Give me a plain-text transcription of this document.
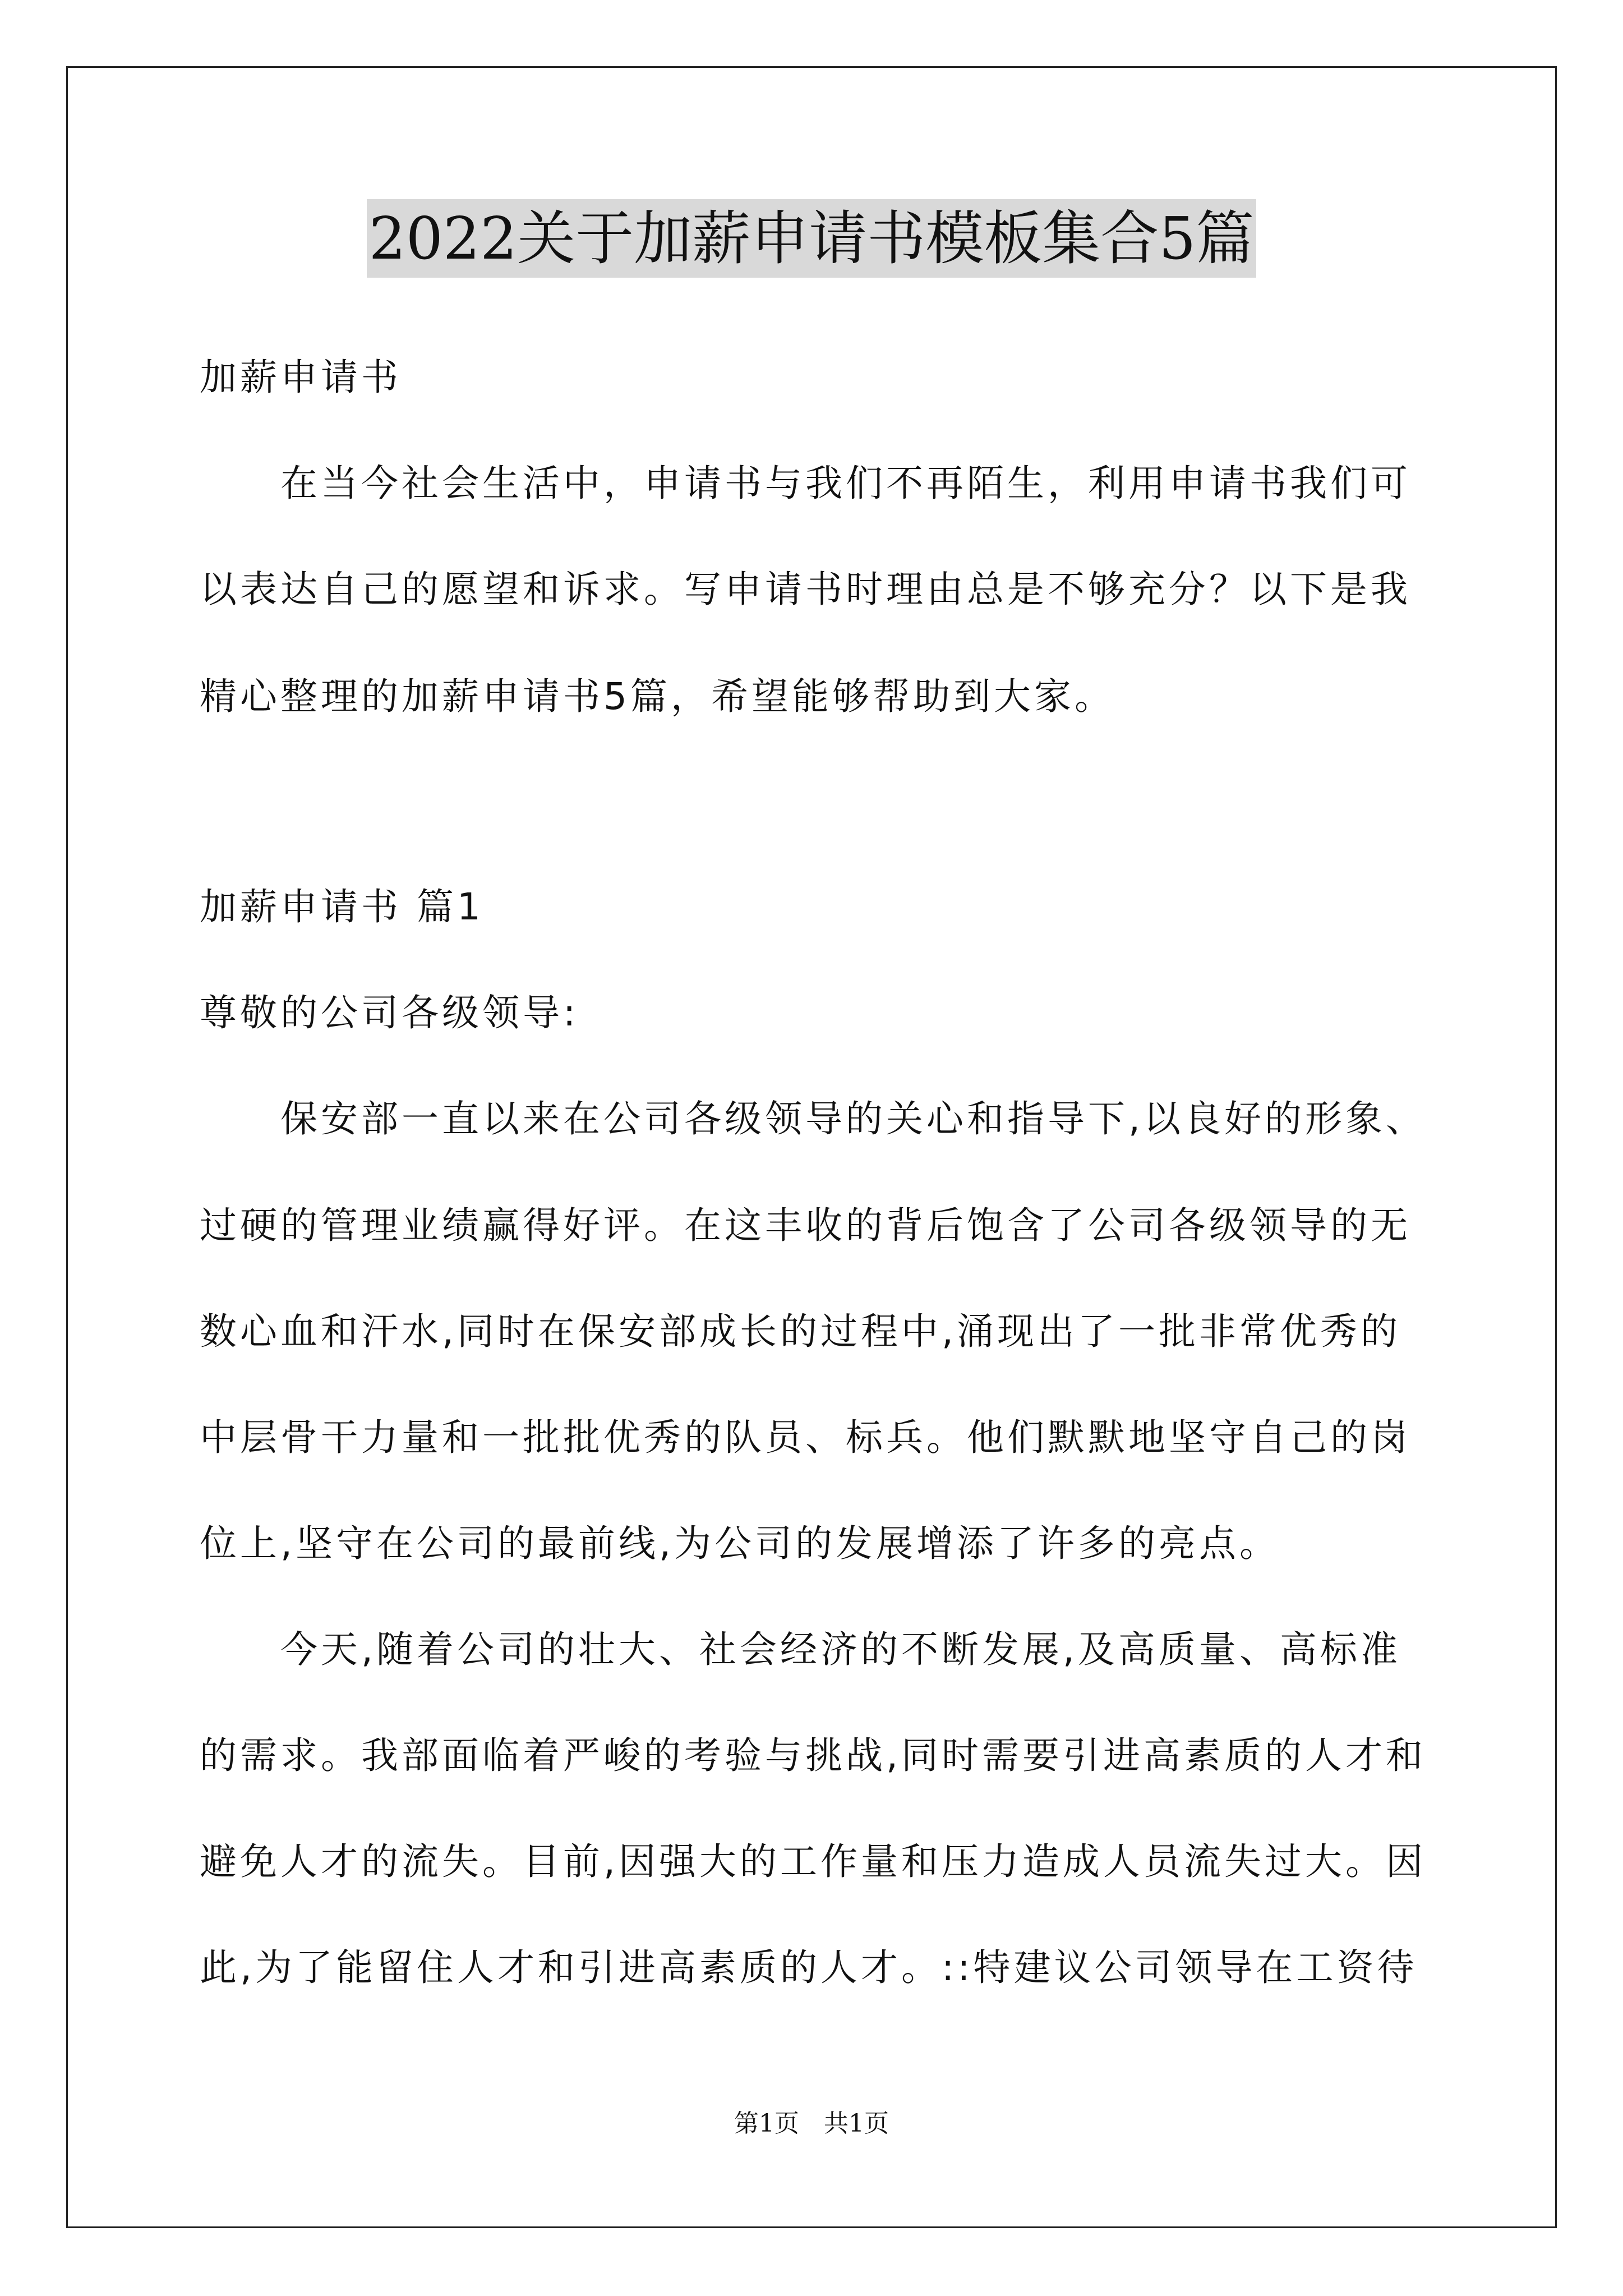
2022关于加薪申请书模板集合5篇
加薪申请书
在当今社会生活中，申请书与我们不再陌生，利用申请书我们可
以表达自己的愿望和诉求。写申请书时理由总是不够充分？以下是我
精心整理的加薪申请书5篇，希望能够帮助到大家。
加薪申请书 篇1
尊敬的公司各级领导:
保安部一直以来在公司各级领导的关心和指导下,以良好的形象、
过硬的管理业绩赢得好评。在这丰收的背后饱含了公司各级领导的无
数心血和汗水,同时在保安部成长的过程中,涌现出了一批非常优秀的
中层骨干力量和一批批优秀的队员、标兵。他们默默地坚守自己的岗
位上,坚守在公司的最前线,为公司的发展增添了许多的亮点。
今天,随着公司的壮大、社会经济的不断发展,及高质量、高标准
的需求。我部面临着严峻的考验与挑战,同时需要引进高素质的人才和
避免人才的流失。目前,因强大的工作量和压力造成人员流失过大。因
此,为了能留住人才和引进高素质的人才。::特建议公司领导在工资待
第1页　共1页
